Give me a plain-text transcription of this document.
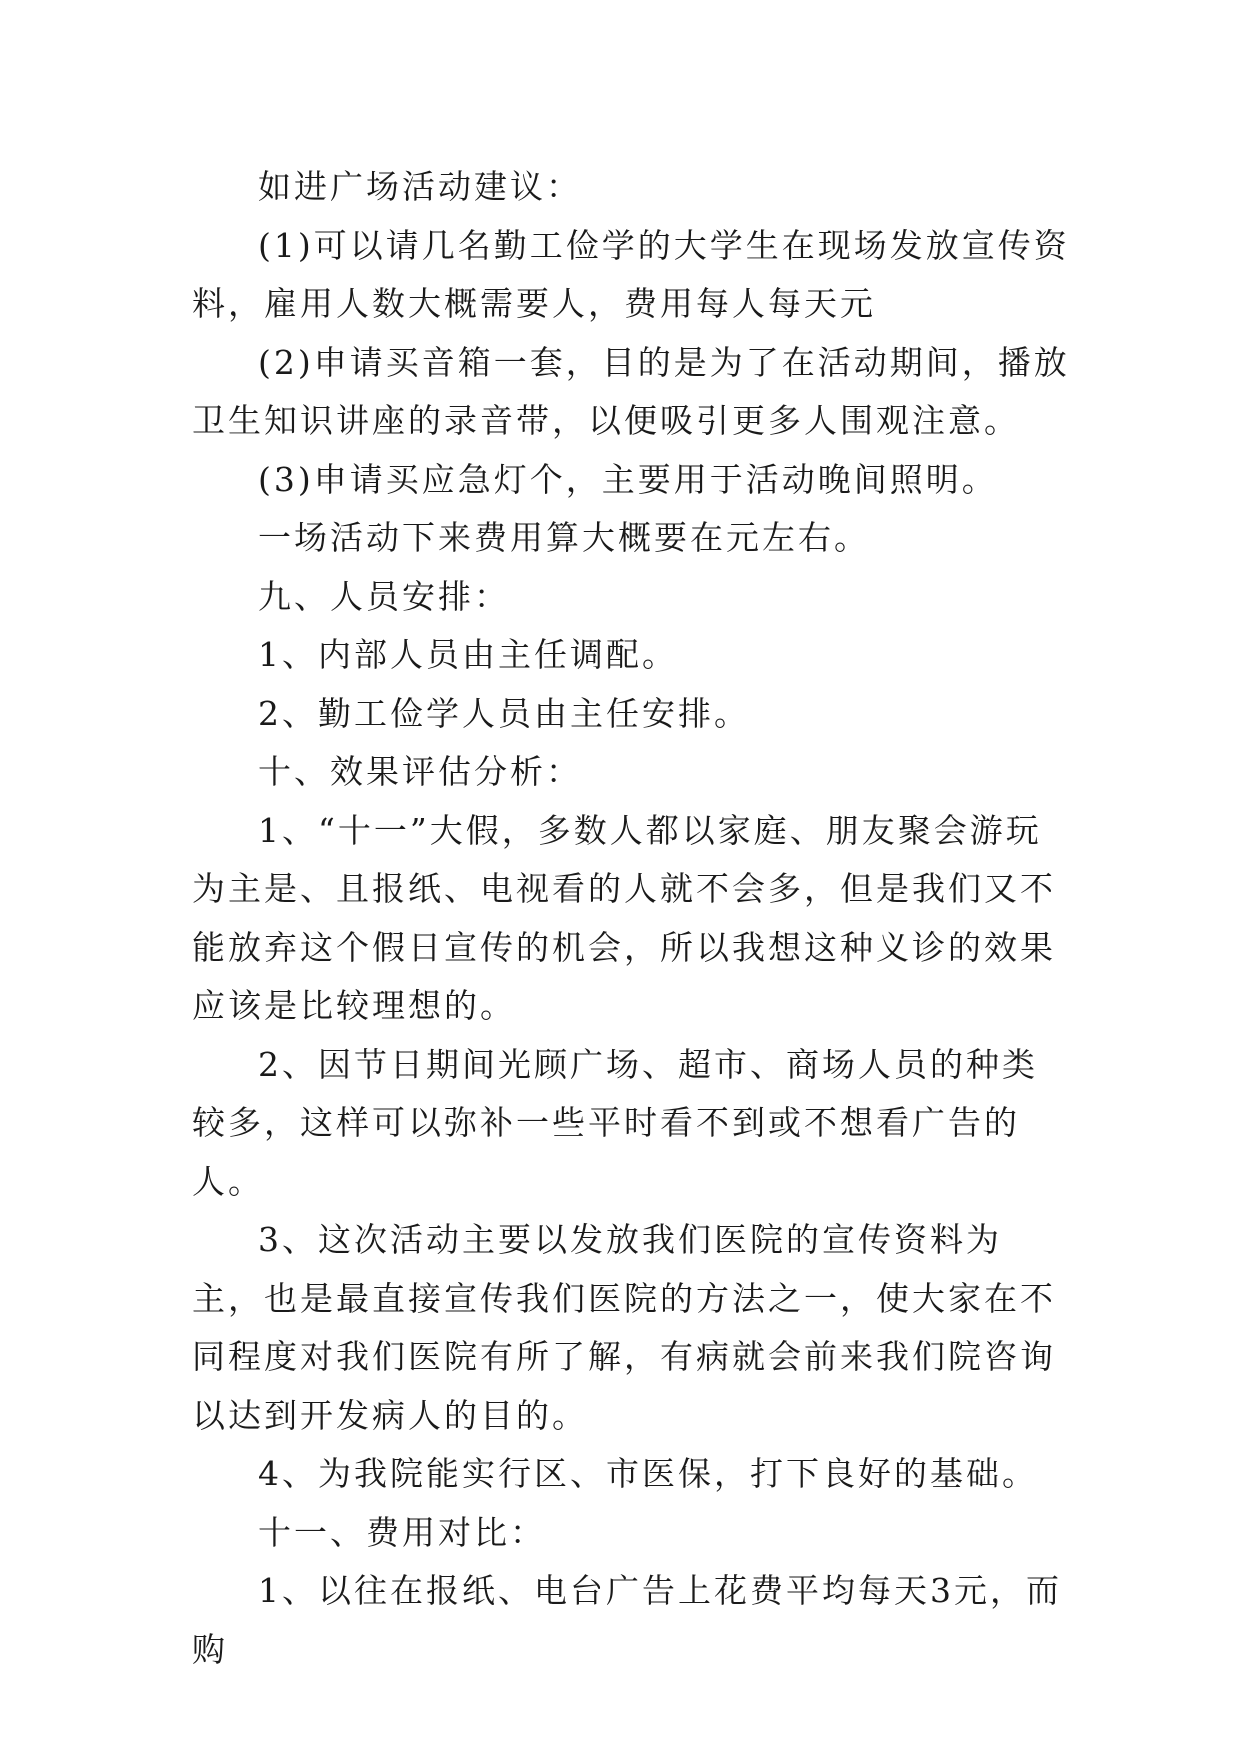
如进广场活动建议：

(1)可以请几名勤工俭学的大学生在现场发放宣传资料，雇用人数大概需要人，费用每人每天元

(2)申请买音箱一套，目的是为了在活动期间，播放卫生知识讲座的录音带，以便吸引更多人围观注意。

(3)申请买应急灯个，主要用于活动晚间照明。

一场活动下来费用算大概要在元左右。

九、人员安排：

1、内部人员由主任调配。

2、勤工俭学人员由主任安排。

十、效果评估分析：

1、“十一”大假，多数人都以家庭、朋友聚会游玩为主是、且报纸、电视看的人就不会多，但是我们又不能放弃这个假日宣传的机会，所以我想这种义诊的效果应该是比较理想的。

2、因节日期间光顾广场、超市、商场人员的种类较多，这样可以弥补一些平时看不到或不想看广告的人。

3、这次活动主要以发放我们医院的宣传资料为主，也是最直接宣传我们医院的方法之一，使大家在不同程度对我们医院有所了解，有病就会前来我们院咨询以达到开发病人的目的。

4、为我院能实行区、市医保，打下良好的基础。

十一、费用对比：

1、以往在报纸、电台广告上花费平均每天3元，而购
